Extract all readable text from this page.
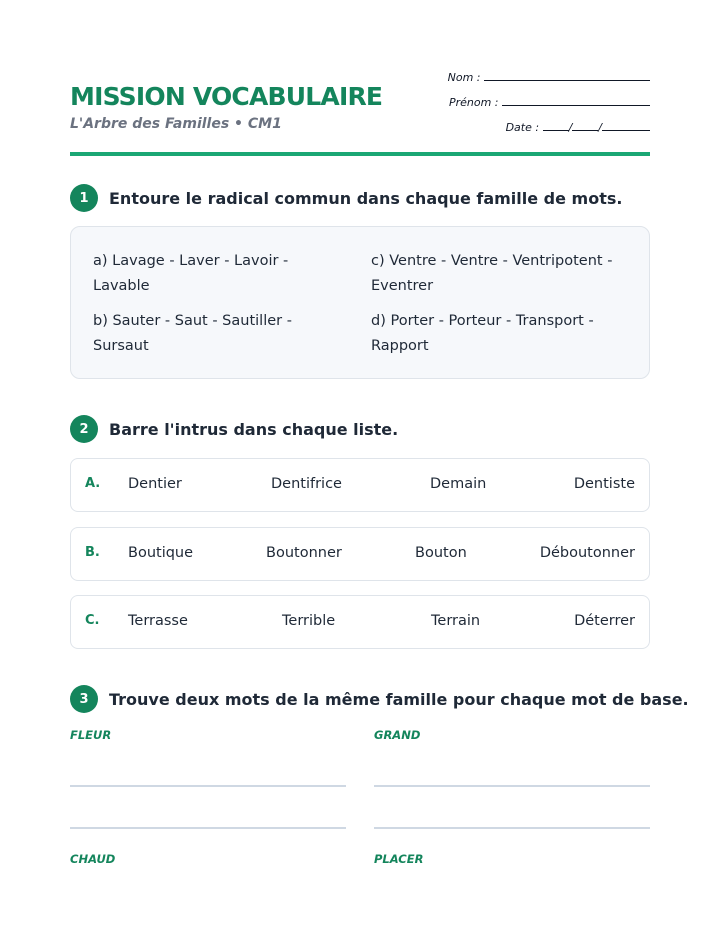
MISSION VOCABULAIRE
L'Arbre des Familles • CM1
Nom :
Prénom :
Date :	/ /
1	Entoure le radical commun dans chaque famille de mots.
a) Lavage - Laver - Lavoir - Lavable
b) Sauter - Saut - Sautiller - Sursaut
c) Ventre - Ventre - Ventripotent - Eventrer
d) Porter - Porteur - Transport - Rapport
2	Barre l'intrus dans chaque liste.
A. Dentier	Dentifrice	Demain	Dentiste
B. Boutique	Boutonner	Bouton	Déboutonner
C. Terrasse	Terrible	Terrain	Déterrer
3	Trouve deux mots de la même famille pour chaque mot de base.
FLEUR	GRAND
CHAUD	PLACER
